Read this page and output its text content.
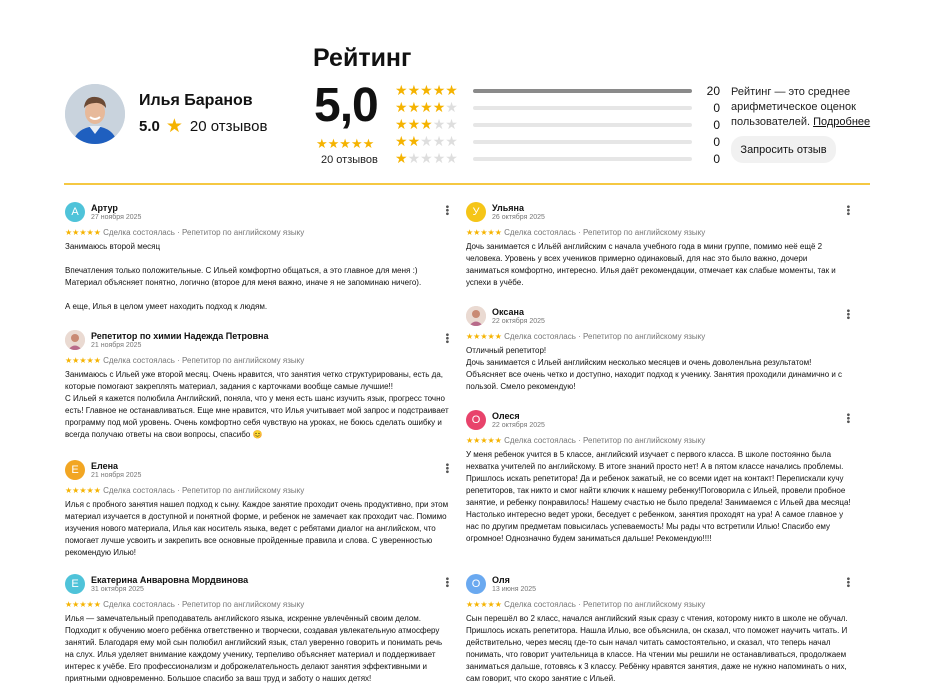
Илья Баранов
5.0 ★ 20 отзывов
Рейтинг
5,0
★★★★★
20 отзывов
★★★★★	20
★★★★★	0
★★★★★	0
★★★★★	0
★★★★★	0
Рейтинг — это среднее арифметическое оценок пользователей. Подробнее
Запросить отзыв
А Артур
27 ноября 2025
•••
★★★★★ Сделка состоялась · Репетитор по английскому языку
Занимаюсь второй месяц

Впечатления только положительные. С Ильей комфортно общаться, а это главное для меня :)
Материал объясняет понятно, логично (второе для меня важно, иначе я не запоминаю ничего).

А еще, Илья в целом умеет находить подход к людям.
Репетитор по химии Надежда Петровна
21 ноября 2025
•••
★★★★★ Сделка состоялась · Репетитор по английскому языку
Занимаюсь с Ильей уже второй месяц. Очень нравится, что занятия четко структурированы, есть да, которые помогают закреплять материал, задания с карточками вообще самые лучшие!!
С Ильей я кажется полюбила Английский, поняла, что у меня есть шанс изучить язык, прогресс точно есть! Главное не останавливаться. Еще мне нравится, что Илья учитывает мой запрос и подстраивает программу под мой уровень. Очень комфортно себя чувствую на уроках, не боюсь сделать ошибку и всегда получаю ответы на свои вопросы, спасибо 😊
Е Елена
21 ноября 2025
•••
★★★★★ Сделка состоялась · Репетитор по английскому языку
Илья с пробного занятия нашел подход к сыну. Каждое занятие проходит очень продуктивно, при этом материал изучается в доступной и понятной форме, и ребенок не замечает как проходит час. Помимо изучения нового материала, Илья как носитель языка, ведет с ребятами диалог на английском, что помогает лучше усвоить и закрепить все основные пройденные правила и слова. С уверенностью рекомендую Илью!
Е Екатерина Анваровна Мордвинова
31 октября 2025
•••
★★★★★ Сделка состоялась · Репетитор по английскому языку
Илья — замечательный преподаватель английского языка, искренне увлечённый своим делом. Подходит к обучению моего ребёнка ответственно и творчески, создавая увлекательную атмосферу занятий. Благодаря ему мой сын полюбил английский язык, стал уверенно говорить и понимать речь на слух. Илья уделяет внимание каждому ученику, терпеливо объясняет материал и поддерживает интерес к учёбе. Его профессионализм и доброжелательность делают занятия эффективными и приятными одновременно. Большое спасибо за ваш труд и заботу о наших детях!
У Ульяна
26 октября 2025
•••
★★★★★ Сделка состоялась · Репетитор по английскому языку
Дочь занимается с Ильёй английским с начала учебного года в мини группе, помимо неё ещё 2 человека. Уровень у всех учеников примерно одинаковый, для нас это было важно, дочери заниматься комфортно, интересно. Илья даёт рекомендации, отмечает как слабые моменты, так и успехи в учёбе.
Оксана
22 октября 2025
•••
★★★★★ Сделка состоялась · Репетитор по английскому языку
Отличный репетитор!
Дочь занимается с Ильей английским несколько месяцев и очень доволенльна результатом! Объясняет все очень четко и доступно, находит подход к ученику. Занятия проходили динамично и с пользой. Смело рекомендую!
О Олеся
22 октября 2025
•••
★★★★★ Сделка состоялась · Репетитор по английскому языку
У меня ребенок учится в 5 классе, английский изучает с первого класса. В школе постоянно была нехватка учителей по английскому. В итоге знаний просто нет! А в пятом классе начались проблемы. Пришлось искать репетитора! Да и ребенок зажатый, не со всеми идет на контакт! Перепискали кучу репетиторов, так никто и смог найти ключик к нашему ребенку!Поговорила с Ильей, провели пробное занятие, и ребенку понравилось! Нашему счастью не было предела! Занимаемся с Ильей два месяца! Настолько интересно ведет уроки, беседует с ребенком, занятия проходят на ура! А самое главное у нас по другим предметам повысилась успеваемость! Мы рады что встретили Илью! Спасибо ему огромное! Однозначно будем заниматься дальше! Рекомендую!!!!
О Оля
13 июня 2025
•••
★★★★★ Сделка состоялась · Репетитор по английскому языку
Сын перешёл во 2 класс, начался английский язык сразу с чтения, которому никто в школе не обучал. Пришлось искать репетитора. Нашла Илью, все объяснила, он сказал, что поможет научить читать. И действительно, через месяц где-то сын начал читать самостоятельно, и сказал, что теперь начал понимать, что говорит учительница в классе. На чтении мы решили не останавливаться, продолжаем заниматься дальше, готовясь к 3 классу. Ребёнку нравятся занятия, даже не нужно напоминать о них, сам говорит, что скоро занятие с Ильей.
